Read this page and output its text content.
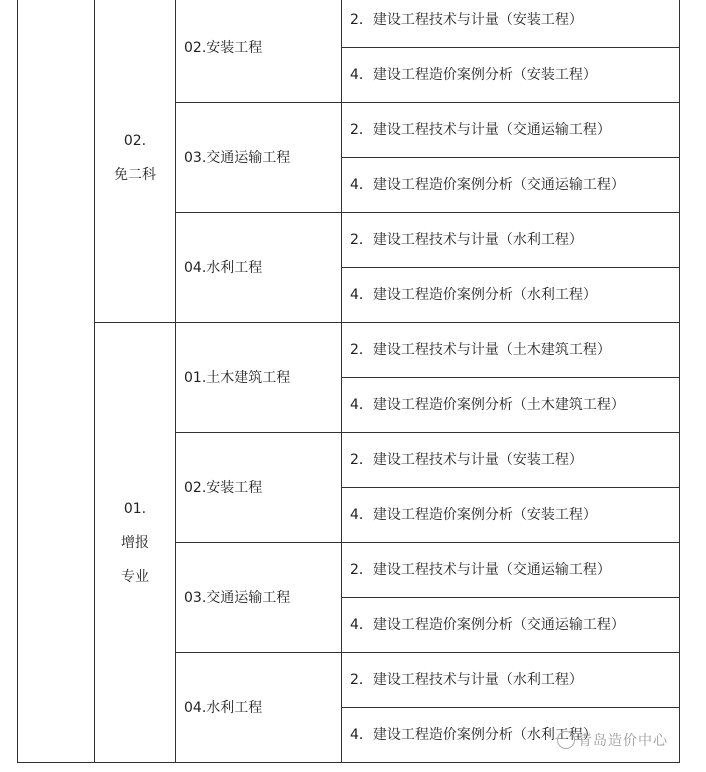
	02.
免二科	02.安装工程	2．建设工程技术与计量（安装工程）
			4．建设工程造价案例分析（安装工程）
		03.交通运输工程	2．建设工程技术与计量（交通运输工程）
			4．建设工程造价案例分析（交通运输工程）
		04.水利工程	2．建设工程技术与计量（水利工程）
			4．建设工程造价案例分析（水利工程）

	01.
增报
专业	01.土木建筑工程	2．建设工程技术与计量（土木建筑工程）
			4．建设工程造价案例分析（土木建筑工程）
		02.安装工程	2．建设工程技术与计量（安装工程）
			4．建设工程造价案例分析（安装工程）
		03.交通运输工程	2．建设工程技术与计量（交通运输工程）
			4．建设工程造价案例分析（交通运输工程）
		04.水利工程	2．建设工程技术与计量（水利工程）
			4．建设工程造价案例分析（水利工程）
青岛造价中心
